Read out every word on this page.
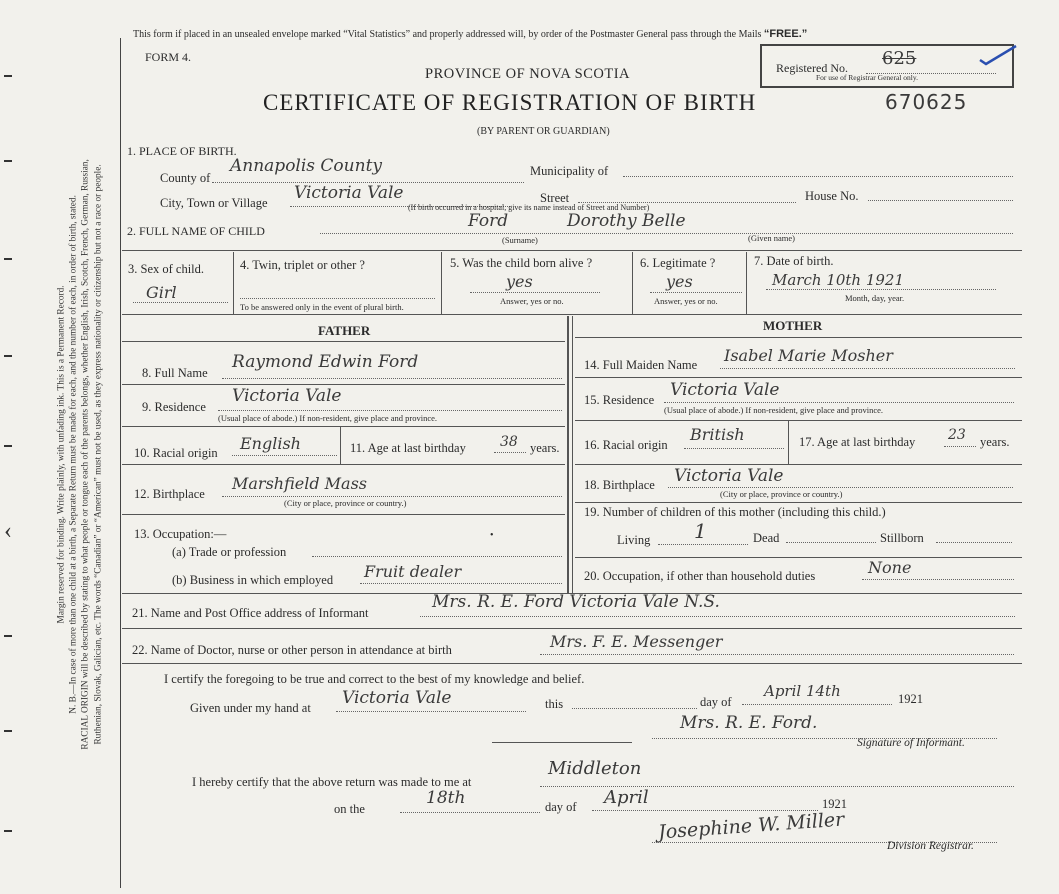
Margin reserved for binding. Write plainly, with unfading ink. This is a Permanent Record. N. B.—In case of more than one child at a birth, a Separate Return must be made for each, and the number of each, in order of birth, stated. RACIAL ORIGIN will be described by stating to what people or tongue each of the parents belongs, whether English, Irish, Scotch, French, German, Russian, Ruthenian, Slovak, Galician, etc. The words “Canadian” or “American” must not be used, as they express nationality or citizenship but not a race or people.
‹
This form if placed in an unsealed envelope marked “Vital Statistics” and properly addressed will, by order of the Postmaster General pass through the Mails “FREE.”
FORM 4.
PROVINCE OF NOVA SCOTIA	Registered No. 625
For use of Registrar General only.
CERTIFICATE OF REGISTRATION OF BIRTH	670625
(BY PARENT OR GUARDIAN)
1. PLACE OF BIRTH.
County of
Annapolis County	Municipality of
City, Town or Village Victoria Vale	Street
(If birth occurred in a hospital, give its name instead of Street and Number)
House No.
2. FULL NAME OF CHILD	Ford	Dorothy Belle
(Surname)	(Given name)
3. Sex of child.
Girl
4. Twin, triplet or other ?
To be answered only in the event of plural birth.
5. Was the child born alive ?
yes
Answer, yes or no.
6. Legitimate ?
yes
Answer, yes or no.
7. Date of birth.
March 10th 1921
Month, day, year.
FATHER	MOTHER
8. Full Name
Raymond Edwin Ford
9. Residence
Victoria Vale
(Usual place of abode.) If non-resident, give place and province.
10. Racial origin English	11. Age at last birthday 38 years.
12. Birthplace
Marshfield Mass
(City or place, province or country.)
13. Occupation:—
(a) Trade or profession
•
(b) Business in which employed Fruit dealer
14. Full Maiden Name Isabel Marie Mosher
15. Residence Victoria Vale
(Usual place of abode.) If non-resident, give place and province.
16. Racial origin
British	17. Age at last birthday 23 years.
18. Birthplace Victoria Vale
(City or place, province or country.)
19. Number of children of this mother (including this child.)
Living 1	Dead	Stillborn
20. Occupation, if other than household duties	None
21. Name and Post Office address of Informant
Mrs. R. E. Ford Victoria Vale N.S.
22. Name of Doctor, nurse or other person in attendance at birth	Mrs. F. E. Messenger
I certify the foregoing to be true and correct to the best of my knowledge and belief.
Given under my hand at Victoria Vale	this	day of
April 14th	1921
Mrs. R. E. Ford.
Signature of Informant.
I hereby certify that the above return was made to me at
Middleton
on the
18th	day of April	1921
Josephine W. Miller
Division Registrar.
